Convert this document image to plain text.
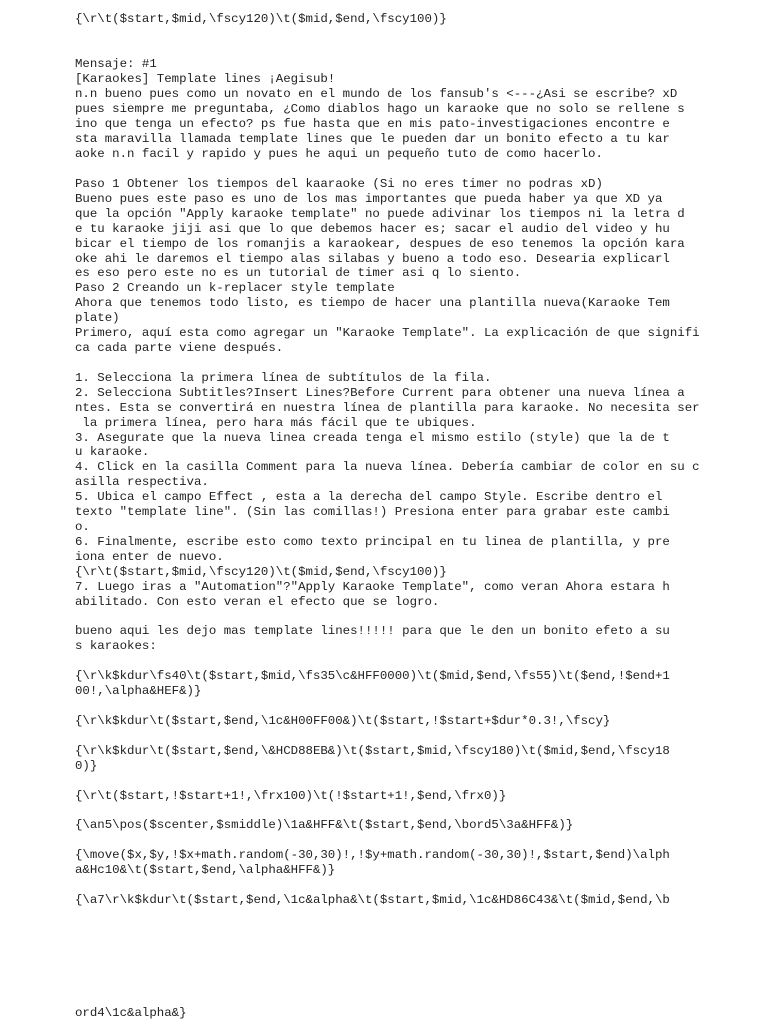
{\r\t($start,$mid,\fscy120)\t($mid,$end,\fscy100)}
Mensaje: #1
[Karaokes] Template lines ¡Aegisub!
n.n bueno pues como un novato en el mundo de los fansub's <---¿Asi se escribe? xD
pues siempre me preguntaba, ¿Como diablos hago un karaoke que no solo se rellene s
ino que tenga un efecto? ps fue hasta que en mis pato-investigaciones encontre e
sta maravilla llamada template lines que le pueden dar un bonito efecto a tu kar
aoke n.n facil y rapido y pues he aqui un pequeño tuto de como hacerlo.
Paso 1 Obtener los tiempos del kaaraoke (Si no eres timer no podras xD)
Bueno pues este paso es uno de los mas importantes que pueda haber ya que XD ya
que la opción "Apply karaoke template" no puede adivinar los tiempos ni la letra d
e tu karaoke jiji asi que lo que debemos hacer es; sacar el audio del video y hu
bicar el tiempo de los romanjis a karaokear, despues de eso tenemos la opción kara
oke ahi le daremos el tiempo alas silabas y bueno a todo eso. Desearia explicarl
es eso pero este no es un tutorial de timer asi q lo siento.
Paso 2 Creando un k-replacer style template
Ahora que tenemos todo listo, es tiempo de hacer una plantilla nueva(Karaoke Tem
plate)
Primero, aquí esta como agregar un "Karaoke Template". La explicación de que signifi
ca cada parte viene después.
1. Selecciona la primera línea de subtítulos de la fila.
2. Selecciona Subtitles?Insert Lines?Before Current para obtener una nueva línea a
ntes. Esta se convertirá en nuestra línea de plantilla para karaoke. No necesita ser
la primera línea, pero hara más fácil que te ubiques.
3. Asegurate que la nueva linea creada tenga el mismo estilo (style) que la de t
u karaoke.
4. Click en la casilla Comment para la nueva línea. Debería cambiar de color en su c
asilla respectiva.
5. Ubica el campo Effect , esta a la derecha del campo Style. Escribe dentro el
texto "template line". (Sin las comillas!) Presiona enter para grabar este cambi
o.
6. Finalmente, escribe esto como texto principal en tu linea de plantilla, y pre
iona enter de nuevo.
{\r\t($start,$mid,\fscy120)\t($mid,$end,\fscy100)}
7. Luego iras a "Automation"?"Apply Karaoke Template", como veran Ahora estara h
abilitado. Con esto veran el efecto que se logro.
bueno aqui les dejo mas template lines!!!!! para que le den un bonito efeto a su
s karaokes:
{\r\k$kdur\fs40\t($start,$mid,\fs35\c&HFF0000)\t($mid,$end,\fs55)\t($end,!$end+1
00!,\alpha&HEF&)}
{\r\k$kdur\t($start,$end,\1c&H00FF00&)\t($start,!$start+$dur*0.3!,\fscy}
{\r\k$kdur\t($start,$end,\&HCD88EB&)\t($start,$mid,\fscy180)\t($mid,$end,\fscy18
0)}
{\r\t($start,!$start+1!,\frx100)\t(!$start+1!,$end,\frx0)}
{\an5\pos($scenter,$smiddle)\1a&HFF&\t($start,$end,\bord5\3a&HFF&)}
{\move($x,$y,!$x+math.random(-30,30)!,!$y+math.random(-30,30)!,$start,$end)\alph
a&Hc10&\t($start,$end,\alpha&HFF&)}
{\a7\r\k$kdur\t($start,$end,\1c&alpha&\t($start,$mid,\1c&HD86C43&\t($mid,$end,\b
ord4\1c&alpha&}
